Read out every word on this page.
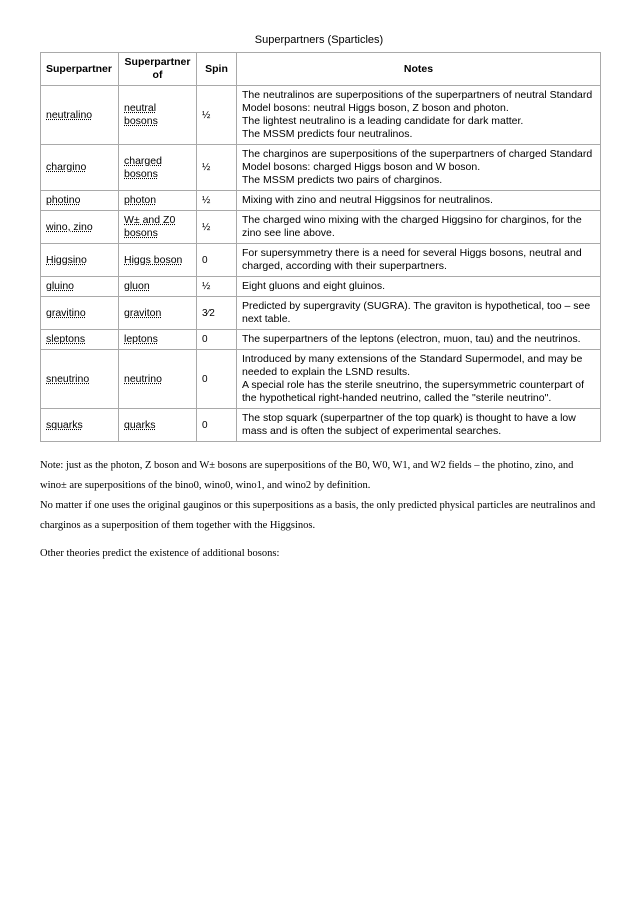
Superpartners (Sparticles)
Superpartner	Superpartner of	Spin	Notes
neutralino	neutral bosons	½	The neutralinos are superpositions of the superpartners of neutral Standard
Model bosons: neutral Higgs boson, Z boson and photon.
The lightest neutralino is a leading candidate for dark matter.
The MSSM predicts four neutralinos.

chargino	charged bosons	½	The charginos are superpositions of the superpartners of charged Standard
Model bosons: charged Higgs boson and W boson.
The MSSM predicts two pairs of charginos.

photino	photon	½	Mixing with zino and neutral Higgsinos for neutralinos.

wino, zino	W± and Z0 bosons	½	The charged wino mixing with the charged Higgsino for charginos, for the
zino see line above.

Higgsino	Higgs boson	0	For supersymmetry there is a need for several Higgs bosons, neutral and
charged, according with their superpartners.

gluino	gluon	½	Eight gluons and eight gluinos.

gravitino	graviton	3⁄2	Predicted by supergravity (SUGRA). The graviton is hypothetical, too – see
next table.

sleptons	leptons	0	The superpartners of the leptons (electron, muon, tau) and the neutrinos.

sneutrino	neutrino	0	Introduced by many extensions of the Standard Supermodel, and may be
needed to explain the LSND results.
A special role has the sterile sneutrino, the supersymmetric counterpart of
the hypothetical right-handed neutrino, called the "sterile neutrino".

squarks	quarks	0	The stop squark (superpartner of the top quark) is thought to have a low
mass and is often the subject of experimental searches.

Note: just as the photon, Z boson and W± bosons are superpositions of the B0, W0, W1, and W2 fields – the photino, zino, and wino± are superpositions of the bino0, wino0, wino1, and wino2 by definition.

No matter if one uses the original gauginos or this superpositions as a basis, the only predicted physical particles are neutralinos and charginos as a superposition of them together with the Higgsinos.

Other theories predict the existence of additional bosons:
